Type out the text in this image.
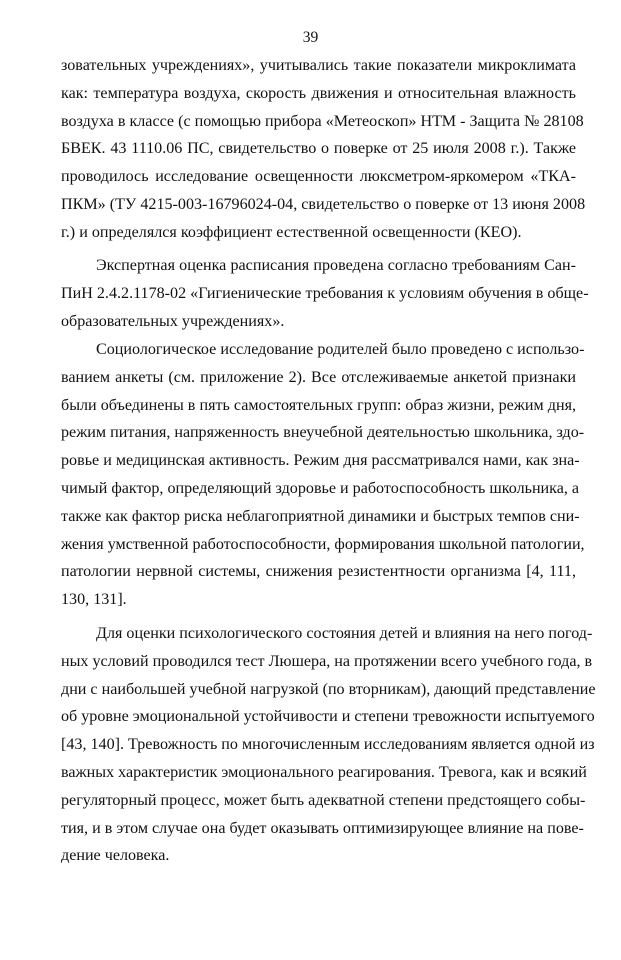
39
зовательных учреждениях», учитывались такие показатели микроклимата
как: температура воздуха, скорость движения и относительная влажность
воздуха в классе (с помощью прибора «Метеоскоп» НТМ - Защита № 28108
БВЕК. 43 1110.06 ПС, свидетельство о поверке от 25 июля 2008 г.). Также
проводилось исследование освещенности люксметром-яркомером «ТКА-
ПКМ» (ТУ 4215-003-16796024-04, свидетельство о поверке от 13 июня 2008
г.) и определялся коэффициент естественной освещенности (КЕО).
Экспертная оценка расписания проведена согласно требованиям Сан-
ПиН 2.4.2.1178-02 «Гигиенические требования к условиям обучения в обще-
образовательных учреждениях».
Социологическое исследование родителей было проведено с использо-
ванием анкеты (см. приложение 2). Все отслеживаемые анкетой признаки
были объединены в пять самостоятельных групп: образ жизни, режим дня,
режим питания, напряженность внеучебной деятельностью школьника, здо-
ровье и медицинская активность. Режим дня рассматривался нами, как зна-
чимый фактор, определяющий здоровье и работоспособность школьника, а
также как фактор риска неблагоприятной динамики и быстрых темпов сни-
жения умственной работоспособности, формирования школьной патологии,
патологии нервной системы, снижения резистентности организма [4, 111,
130, 131].
Для оценки психологического состояния детей и влияния на него погод-
ных условий проводился тест Люшера, на протяжении всего учебного года, в
дни с наибольшей учебной нагрузкой (по вторникам), дающий представление
об уровне эмоциональной устойчивости и степени тревожности испытуемого
[43, 140]. Тревожность по многочисленным исследованиям является одной из
важных характеристик эмоционального реагирования. Тревога, как и всякий
регуляторный процесс, может быть адекватной степени предстоящего собы-
тия, и в этом случае она будет оказывать оптимизирующее влияние на пове-
дение человека.
